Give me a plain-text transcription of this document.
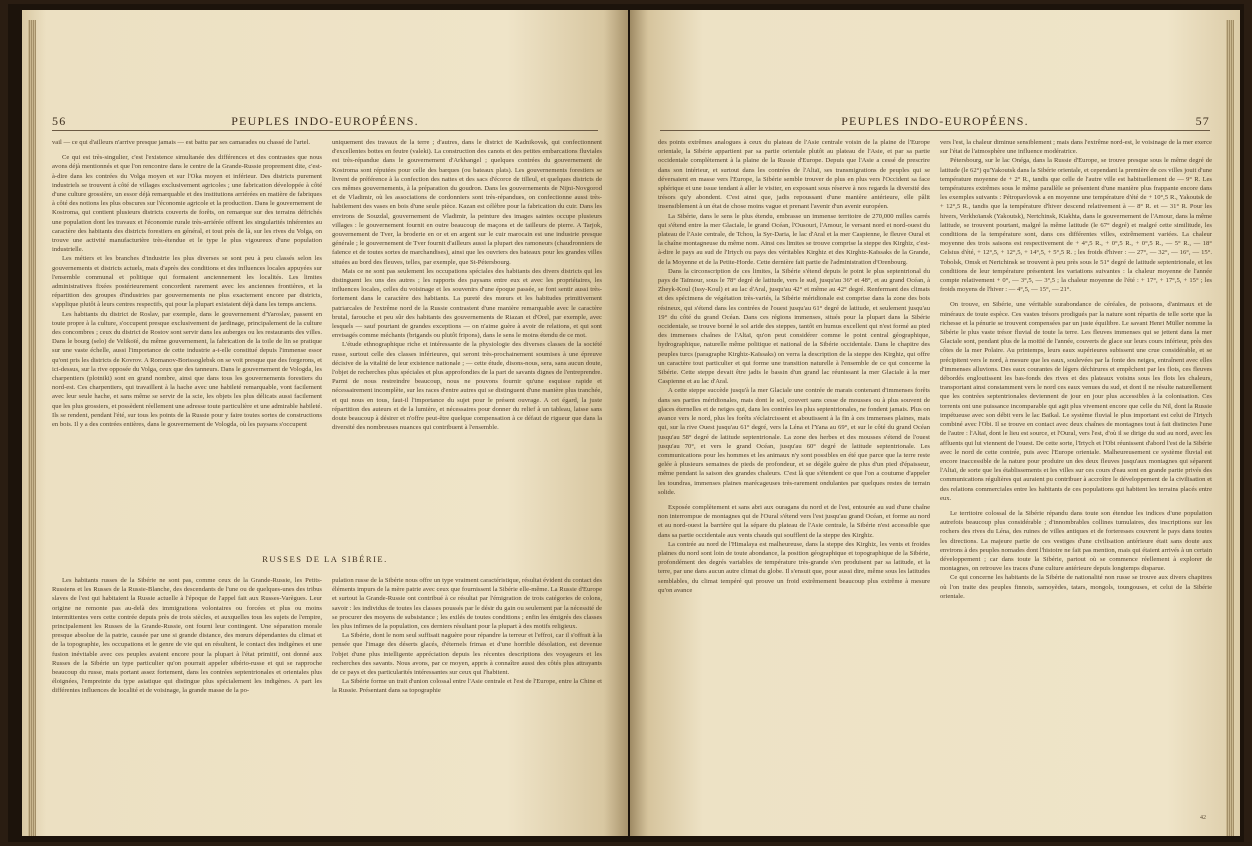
56	PEUPLES INDO-EUROPÉENS.

vail — ce qui d'ailleurs n'arrive presque jamais — est battu par ses camarades ou chassé de l'artel.

Ce qui est très-singulier, c'est l'existence simultanée des différences et des contrastes que nous avons déjà mentionnés et que l'on rencontre dans le centre de la Grande-Russie proprement dite, c'est-à-dire dans les contrées du Volga moyen et sur l'Oka moyen et inférieur. Des districts purement industriels se trouvent à côté de villages exclusivement agricoles ; une fabrication développée à côté d'une culture grossière, un essor déjà remarquable et des institutions arriérées en matière de fabriques à côté des notions les plus obscures sur l'économie agricole et la production. Dans le gouvernement de Kostroma, qui contient plusieurs districts couverts de forêts, on remarque sur des terrains défrichés une population dont les travaux et l'économie rurale très-arriérée offrent les singularités inhérentes au caractère des habitants des districts forestiers en général, et tout près de là, sur les rives du Volga, on trouve une activité manufacturière très-étendue et le type le plus vigoureux d'une population industrielle.

Les métiers et les branches d'industrie les plus diverses se sont peu à peu classés selon les gouvernements et districts actuels, mais d'après des conditions et des influences locales appuyées sur l'ensemble communal et politique qui formaient anciennement les localités. Les limites administratives fixées postérieurement concordent rarement avec les anciennes frontières, et la répartition des groupes d'industries par gouvernements ne plus exactement encore par districts, s'applique plutôt à leurs centres respectifs, qui pour la plupart existaient déjà dans les temps anciens.

Les habitants du district de Roslav, par exemple, dans le gouvernement d'Yaroslav, passent en toute propre à la culture, s'occupent presque exclusivement de jardinage, principalement de la culture des concombres ; ceux du district de Rostov sont servir dans les auberges ou les restaurants des villes. Dans le bourg (selo) de Velikoïé, du même gouvernement, la fabrication de la toile de lin se pratique sur une vaste échelle, aussi l'importance de cette industrie a-t-elle constitué depuis l'immense essor qu'ont pris les districts de Kovrov. A Romanov-Borissoglebsk on se voit presque que des forgerons, et ici-dessus, sur la rive opposée du Volga, ceux que des tanneurs. Dans le gouvernement de Vologda, les charpentiers (plotniki) sont en grand nombre, ainsi que dans tous les gouvernements forestiers du nord-est. Ces charpentiers, qui travaillent à la hache avec une habileté remarquable, vont facilement avec leur seule hache, et sans même se servir de la scie, les objets les plus délicats aussi facilement que les plus grossiers, et possèdent réellement une adresse toute particulière et une admirable habileté. Ils se rendent, pendant l'été, sur tous les points de la Russie pour y faire toutes sortes de constructions en bois. Il y a des contrées entières, dans le gouvernement de Vologda, où les paysans s'occupent

uniquement des travaux de la terre ; d'autres, dans le district de Kadnikovsk, qui confectionnent d'excellentes bottes en feutre (valeki). La construction des canots et des petites embarcations fluviales est très-répandue dans le gouvernement d'Arkhangel ; quelques contrées du gouvernement de Kostroma sont réputées pour celle des barques (ou bateaux plats). Les gouvernements forestiers se livrent de préférence à la confection des nattes et des sacs d'écorce de tilleul, et quelques districts de ces mêmes gouvernements, à la préparation du goudron. Dans les gouvernements de Nijni-Novgorod et de Vladimir, où les associations de cordonniers sont très-répandues, on confectionne aussi très-habilement des vases en bois d'une seule pièce. Kazan est célèbre pour la fabrication du cuir. Dans les environs de Souzdal, gouvernement de Vladimir, la peinture des images saintes occupe plusieurs villages : le gouvernement fournit en outre beaucoup de maçons et de tailleurs de pierre. A Tarjok, gouvernement de Tver, la broderie en or et en argent sur le cuir marocain est une industrie presque générale ; le gouvernement de Tver fournit d'ailleurs aussi la plupart des ramoneurs (chaudronniers de faïence et de toutes sortes de marchandises), ainsi que les ouvriers des bateaux pour les grandes villes situées au bord des fleuves, telles, par exemple, que St-Pétersbourg.

Mais ce ne sont pas seulement les occupations spéciales des habitants des divers districts qui les distinguent les uns des autres ; les rapports des paysans entre eux et avec les propriétaires, les influences locales, celles du voisinage et les souvenirs d'une époque passée, se font sentir aussi très-fortement dans le caractère des habitants. La pureté des mœurs et les habitudes primitivement patriarcales de l'extrême nord de la Russie contrastent d'une manière remarquable avec le caractère brutal, farouche et peu sûr des habitants des gouvernements de Riazan et d'Orel, par exemple, avec lesquels — sauf pourtant de grandes exceptions — on n'aime guère à avoir de relations, et qui sont envisagés comme méchants (brigands ou plutôt fripons), dans le sens le moins étendu de ce mot.

L'étude ethnographique riche et intéressante de la physiologie des diverses classes de la société russe, surtout celle des classes inférieures, qui seront très-prochainement soumises à une épreuve décisive de la vitalité de leur existence nationale ; — cette étude, disons-nous, sera, sans aucun doute, l'objet de recherches plus spéciales et plus approfondies de la part de savants dignes de l'entreprendre. Parmi de nous restreindre beaucoup, nous ne pouvons fournir qu'une esquisse rapide et nécessairement incomplète, sur les races d'entre autres qui se distinguent d'une manière plus tranchée, et qui nous en tous, faut-il l'importance du sujet pour le présent ouvrage. A cet égard, la juste répartition des auteurs et de la lumière, et nécessaires pour donner du relief à un tableau, laisse sans doute beaucoup à désirer et n'offre peut-être quelque compensation à ce défaut de rigueur que dans la diversité des nombreuses nuances qui contribuent à l'ensemble.

RUSSES DE LA SIBÉRIE.

Les habitants russes de la Sibérie ne sont pas, comme ceux de la Grande-Russie, les Petits-Russiens et les Russes de la Russie-Blanche, des descendants de l'une ou de quelques-unes des tribus slaves de l'est qui habitaient la Russie actuelle à l'époque de l'appel fait aux Russes-Varègues. Leur origine ne remonte pas au-delà des immigrations volontaires ou forcées et plus ou moins intermittentes vers cette contrée depuis près de trois siècles, et auxquelles tous les sujets de l'empire, principalement les Russes de la Grande-Russie, ont fourni leur contingent. Une séparation morale presque absolue de la patrie, causée par une si grande distance, des mœurs dépendantes du climat et de la topographie, les occupations et le genre de vie qui en résultent, le contact des indigènes et une fusion inévitable avec ces peuples avaient encore pour la plupart à l'état primitif, ont donné aux Russes de la Sibérie un type particulier qu'on pourrait appeler sibério-russe et qui se rapproche beaucoup du russe, mais portant assez fortement, dans les contrées septentrionales et orientales plus éloignées, l'empreinte du type asiatique qui distingue plus spécialement les indigènes. A part les différentes influences de localité et de voisinage, la grande masse de la po-

pulation russe de la Sibérie nous offre un type vraiment caractéristique, résultat évident du contact des éléments impurs de la mère patrie avec ceux que fournissent la Sibérie elle-même. La Russie d'Europe et surtout la Grande-Russie ont contribué à ce résultat par l'émigration de trois catégories de colons, savoir : les individus de toutes les classes poussés par le désir du gain ou seulement par la nécessité de se procurer des moyens de subsistance ; les exilés de toutes conditions ; enfin les émigrés des classes les plus infimes de la population, ces derniers résultant pour la plupart à des motifs religieux.

La Sibérie, dont le nom seul suffisait naguère pour répandre la terreur et l'effroi, car il s'offrait à la pensée que l'image des déserts glacés, d'éternels frimas et d'une horrible désolation, est devenue l'objet d'une plus intelligente appréciation depuis les récentes descriptions des voyageurs et les recherches des savants. Nous avons, par ce moyen, appris à connaître aussi des côtés plus attrayants de ce pays et des particularités intéressantes sur ceux qui l'habitent.

La Sibérie forme un trait d'union colossal entre l'Asie centrale et l'est de l'Europe, entre la Chine et la Russie. Présentant dans sa topographie

PEUPLES INDO-EUROPÉENS.	57

des points extrêmes analogues à ceux du plateau de l'Asie centrale voisin de la plaine de l'Europe orientale, la Sibérie appartient par sa partie orientale plutôt au plateau de l'Asie, et par sa partie occidentale complètement à la plaine de la Russie d'Europe. Depuis que l'Asie a cessé de prescrire dans son intérieur, et surtout dans les contrées de l'Altaï, ses transmigrations de peuples qui se déversaient en masse vers l'Europe, la Sibérie semble trouver de plus en plus vers l'Occident sa face sphérique et une issue tendant à aller le visiter, en exposant sous réserve à nos regards la diversité des trésors qu'y abondent. C'est ainsi que, jadis repoussant d'une manière antérieure, elle pâlit insensiblement à un état de chose moins vague et prenant l'avenir d'un avenir européen.

La Sibérie, dans le sens le plus étendu, embrasse un immense territoire de 270,000 milles carrés qui s'étend entre la mer Glaciale, le grand Océan, l'Ousouri, l'Amour, le versant nord et nord-ouest du plateau de l'Asie centrale, de Tchou, la Syr-Daria, le lac d'Aral et la mer Caspienne, le fleuve Oural et la chaîne montagneuse du même nom. Ainsi ces limites se trouve comprise la steppe des Kirghiz, c'est-à-dire le pays au sud de l'Irtych ou pays des véritables Kirghiz et des Kirghiz-Kaïssaks de la Grande, de la Moyenne et de la Petite-Horde. Cette dernière fait partie de l'administration d'Orenbourg.

Dans la circonscription de ces limites, la Sibérie s'étend depuis le point le plus septentrional du pays de Taïmour, sous le 78° degré de latitude, vers le sud, jusqu'au 36° et 48°, et au grand Océan, à Zheyk-Koul (Issy-Koul) et au lac d'Aral, jusqu'au 42° et même au 42° degré. Renfermant des climats et des spécimens de végétation très-variés, la Sibérie méridionale est comprise dans la zone des bois résineux, qui s'étend dans les contrées de l'ouest jusqu'au 61° degré de latitude, et seulement jusqu'au 19° du côté du grand Océan. Dans ces régions immenses, situés pour la plupart dans la Sibérie occidentale, se trouve borné le sol aride des steppes, tantôt en humus excellent qui n'est formé au pied des immenses chaînes de l'Altaï, qu'on peut considérer comme le point central géographique, hydrographique, naturelle même politique et national de la Sibérie occidentale. Dans le chapitre des peuples turcs (paragraphe Kirghiz-Kaïssaks) on verra la description de la steppe des Kirghiz, qui offre un caractère tout particulier et qui forme une transition naturelle à l'ensemble de ce qui concerne la Sibérie. Cette steppe devait être jadis le bassin d'un grand lac réunissant la mer Glaciale à la mer Caspienne et au lac d'Aral.

A cette steppe succède jusqu'à la mer Glaciale une contrée de marais contenant d'immenses forêts dans ses parties méridionales, mais dont le sol, couvert sans cesse de mousses ou à plus souvent de glaces éternelles et de neiges qui, dans les contrées les plus septentrionales, ne fondent jamais. Plus on avance vers le nord, plus les forêts s'éclaircissent et aboutissent à la fin à ces immenses plaines, mais qui, sur la rive Ouest jusqu'au 61° degré, vers la Léna et l'Yana au 69°, et sur le côté du grand Océan jusqu'au 58° degré de latitude septentrionale. La zone des herbes et des mousses s'étend de l'ouest jusqu'au 70°, et vers le grand Océan, jusqu'au 60° degré de latitude septentrionale. Les communications pour les hommes et les animaux n'y sont possibles en été que parce que la terre reste gelée à plusieurs semaines de pieds de profondeur, et se dégèle guère de plus d'un pied d'épaisseur, même pendant la saison des grandes chaleurs. C'est là que s'étendent ce que l'on a coutume d'appeler les toundras, immenses plaines marécageuses très-rarement ondulantes par quelques restes de terrain solide.

Exposée complètement et sans abri aux ouragans du nord et de l'est, entourée au sud d'une chaîne non interrompue de montagnes qui de l'Oural s'étend vers l'est jusqu'au grand Océan, et forme au nord et au nord-ouest la barrière qui la sépare du plateau de l'Asie centrale, la Sibérie n'est accessible que dans sa partie occidentale aux vents chauds qui soufflent de la steppe des Kirghiz.

La contrée au nord de l'Himalaya est malheureuse, dans la steppe des Kirghiz, les vents et froides plaines du nord sont loin de toute abondance, la position géographique et topographique de la Sibérie, profondément des degrés variables de température très-grande s'en produisent par sa latitude, et la terre, par une dans aucun autre climat du globe. Il s'ensuit que, pour aussi dire, même sous les latitudes semblables, du climat tempéré qui prouve un froid extrêmement beaucoup plus extrême à mesure qu'on avance

vers l'est, la chaleur diminue sensiblement ; mais dans l'extrême nord-est, le voisinage de la mer exerce sur l'état de l'atmosphère une influence modératrice.

Pétersbourg, sur le lac Onéga, dans la Russie d'Europe, se trouve presque sous le même degré de latitude (le 62°) qu'Yakoutsk dans la Sibérie orientale, et cependant la première de ces villes jouit d'une température moyenne de + 2° R., tandis que celle de l'autre ville est habituellement de — 9° R. Les températures extrêmes sous le même parallèle se présentent d'une manière plus frappante encore dans les exemples suivants : Pétropavlovsk a en moyenne une température d'été de + 10°,5 R., Yakoutsk de + 12°,5 R., tandis que la température d'hiver descend relativement à — 8° R. et — 31° R. Pour les hivers, Verkhoïansk (Yakoutsk), Nertchinsk, Kiakhta, dans le gouvernement de l'Amour, dans la même latitude, se trouvent pourtant, malgré la même latitude (le 67° degré) et malgré cette similitude, les conditions de la température sont, dans ces différentes villes, extrêmement variées. La chaleur moyenne des trois saisons est respectivement de + 4°,5 R., + 0°,5 R., + 0°,5 R., — 5° R., — 18° Celsius d'été, + 12°,5, + 12°,5, + 14°,5, + 5°,5 R. ; les froids d'hiver : — 27°, — 32°, — 16°, — 15°. Tobolsk, Omsk et Nertchinsk se trouvent à peu près sous le 51° degré de latitude septentrionale, et les conditions de leur température présentent les variations suivantes : la chaleur moyenne de l'année compte relativement + 0°, — 3°,5, — 3°,5 ; la chaleur moyenne de l'été : + 17°, + 17°,5, + 15° ; les froids moyens de l'hiver : — 4°,5, — 15°, — 21°.

On trouve, en Sibérie, une véritable surabondance de céréales, de poissons, d'animaux et de minéraux de toute espèce. Ces vastes trésors prodigués par la nature sont répartis de telle sorte que la richesse et la pénurie se trouvent compensées par un juste équilibre. Le savant Henri Müller nomme la Sibérie le plus vaste trésor fluvial de toute la terre. Les fleuves immenses qui se jettent dans la mer Glaciale sont, pendant plus de la moitié de l'année, couverts de glace sur leurs cours inférieur, près des côtes de la mer Polaire. Au printemps, leurs eaux supérieures subissent une crue considérable, et se précipitent vers le nord, à mesure que les eaux, soulevées par la fonte des neiges, entraînent avec elles d'immenses alluvions. Des eaux courantes de légers déchirures et empêchent par les flots, ces fleuves débordés engloutissent les bas-fonds des rives et des plateaux voisins sous les flots les chaleurs, transportant ainsi constamment vers le nord ces eaux venues du sud, et dont il ne résulte naturellement que les contrées septentrionales deviennent de jour en jour plus accessibles à la colonisation. Ces torrents ont une puissance incomparable qui agit plus vivement encore que celle du Nil, dont la Russie impétueuse avec son débit vers le lac Baïkal. Le système fluvial le plus important est celui de l'Irtych combiné avec l'Obi. Il se trouve en contact avec deux chaînes de montagnes tout à fait distinctes l'une de l'autre : l'Altaï, dont le lieu est source, et l'Oural, vers l'est, d'où il se dirige du sud au nord, avec les affluents qui lui viennent de l'ouest. De cette sorte, l'Irtych et l'Obi réunissent d'abord l'est de la Sibérie avec le nord de cette contrée, puis avec l'Europe orientale. Malheureusement ce système fluvial est encore inaccessible de la nature pour produire un des deux fleuves jusqu'aux montagnes qui séparent l'Altaï, de sorte que les établissements et les villes sur ces cours d'eau sont en grande partie privés des communications régulières qui auraient pu contribuer à accroître le développement de la civilisation et des relations commerciales entre les habitants de ces populations qui habitent les terrains placés entre eux.

Le territoire colossal de la Sibérie répandu dans toute son étendue les indices d'une population autrefois beaucoup plus considérable ; d'innombrables collines tumulaires, des inscriptions sur les rochers des rives du Léna, des ruines de villes antiques et de forteresses couvrent le pays dans toutes les directions. La majeure partie de ces vestiges d'une civilisation antérieure était sans doute aux environs à des peuples nomades dont l'histoire ne fait pas mention, mais qui étaient arrivés à un certain développement ; car dans toute la Sibérie, partout où se commence réellement à explorer de montagnes, on retrouve les traces d'une culture antérieure depuis longtemps disparue.

Ce qui concerne les habitants de la Sibérie de nationalité non russe se trouve aux divers chapitres où l'on traite des peuples finnois, samoyèdes, tatars, mongols, toungouses, et celui de la Sibérie orientale.

42
